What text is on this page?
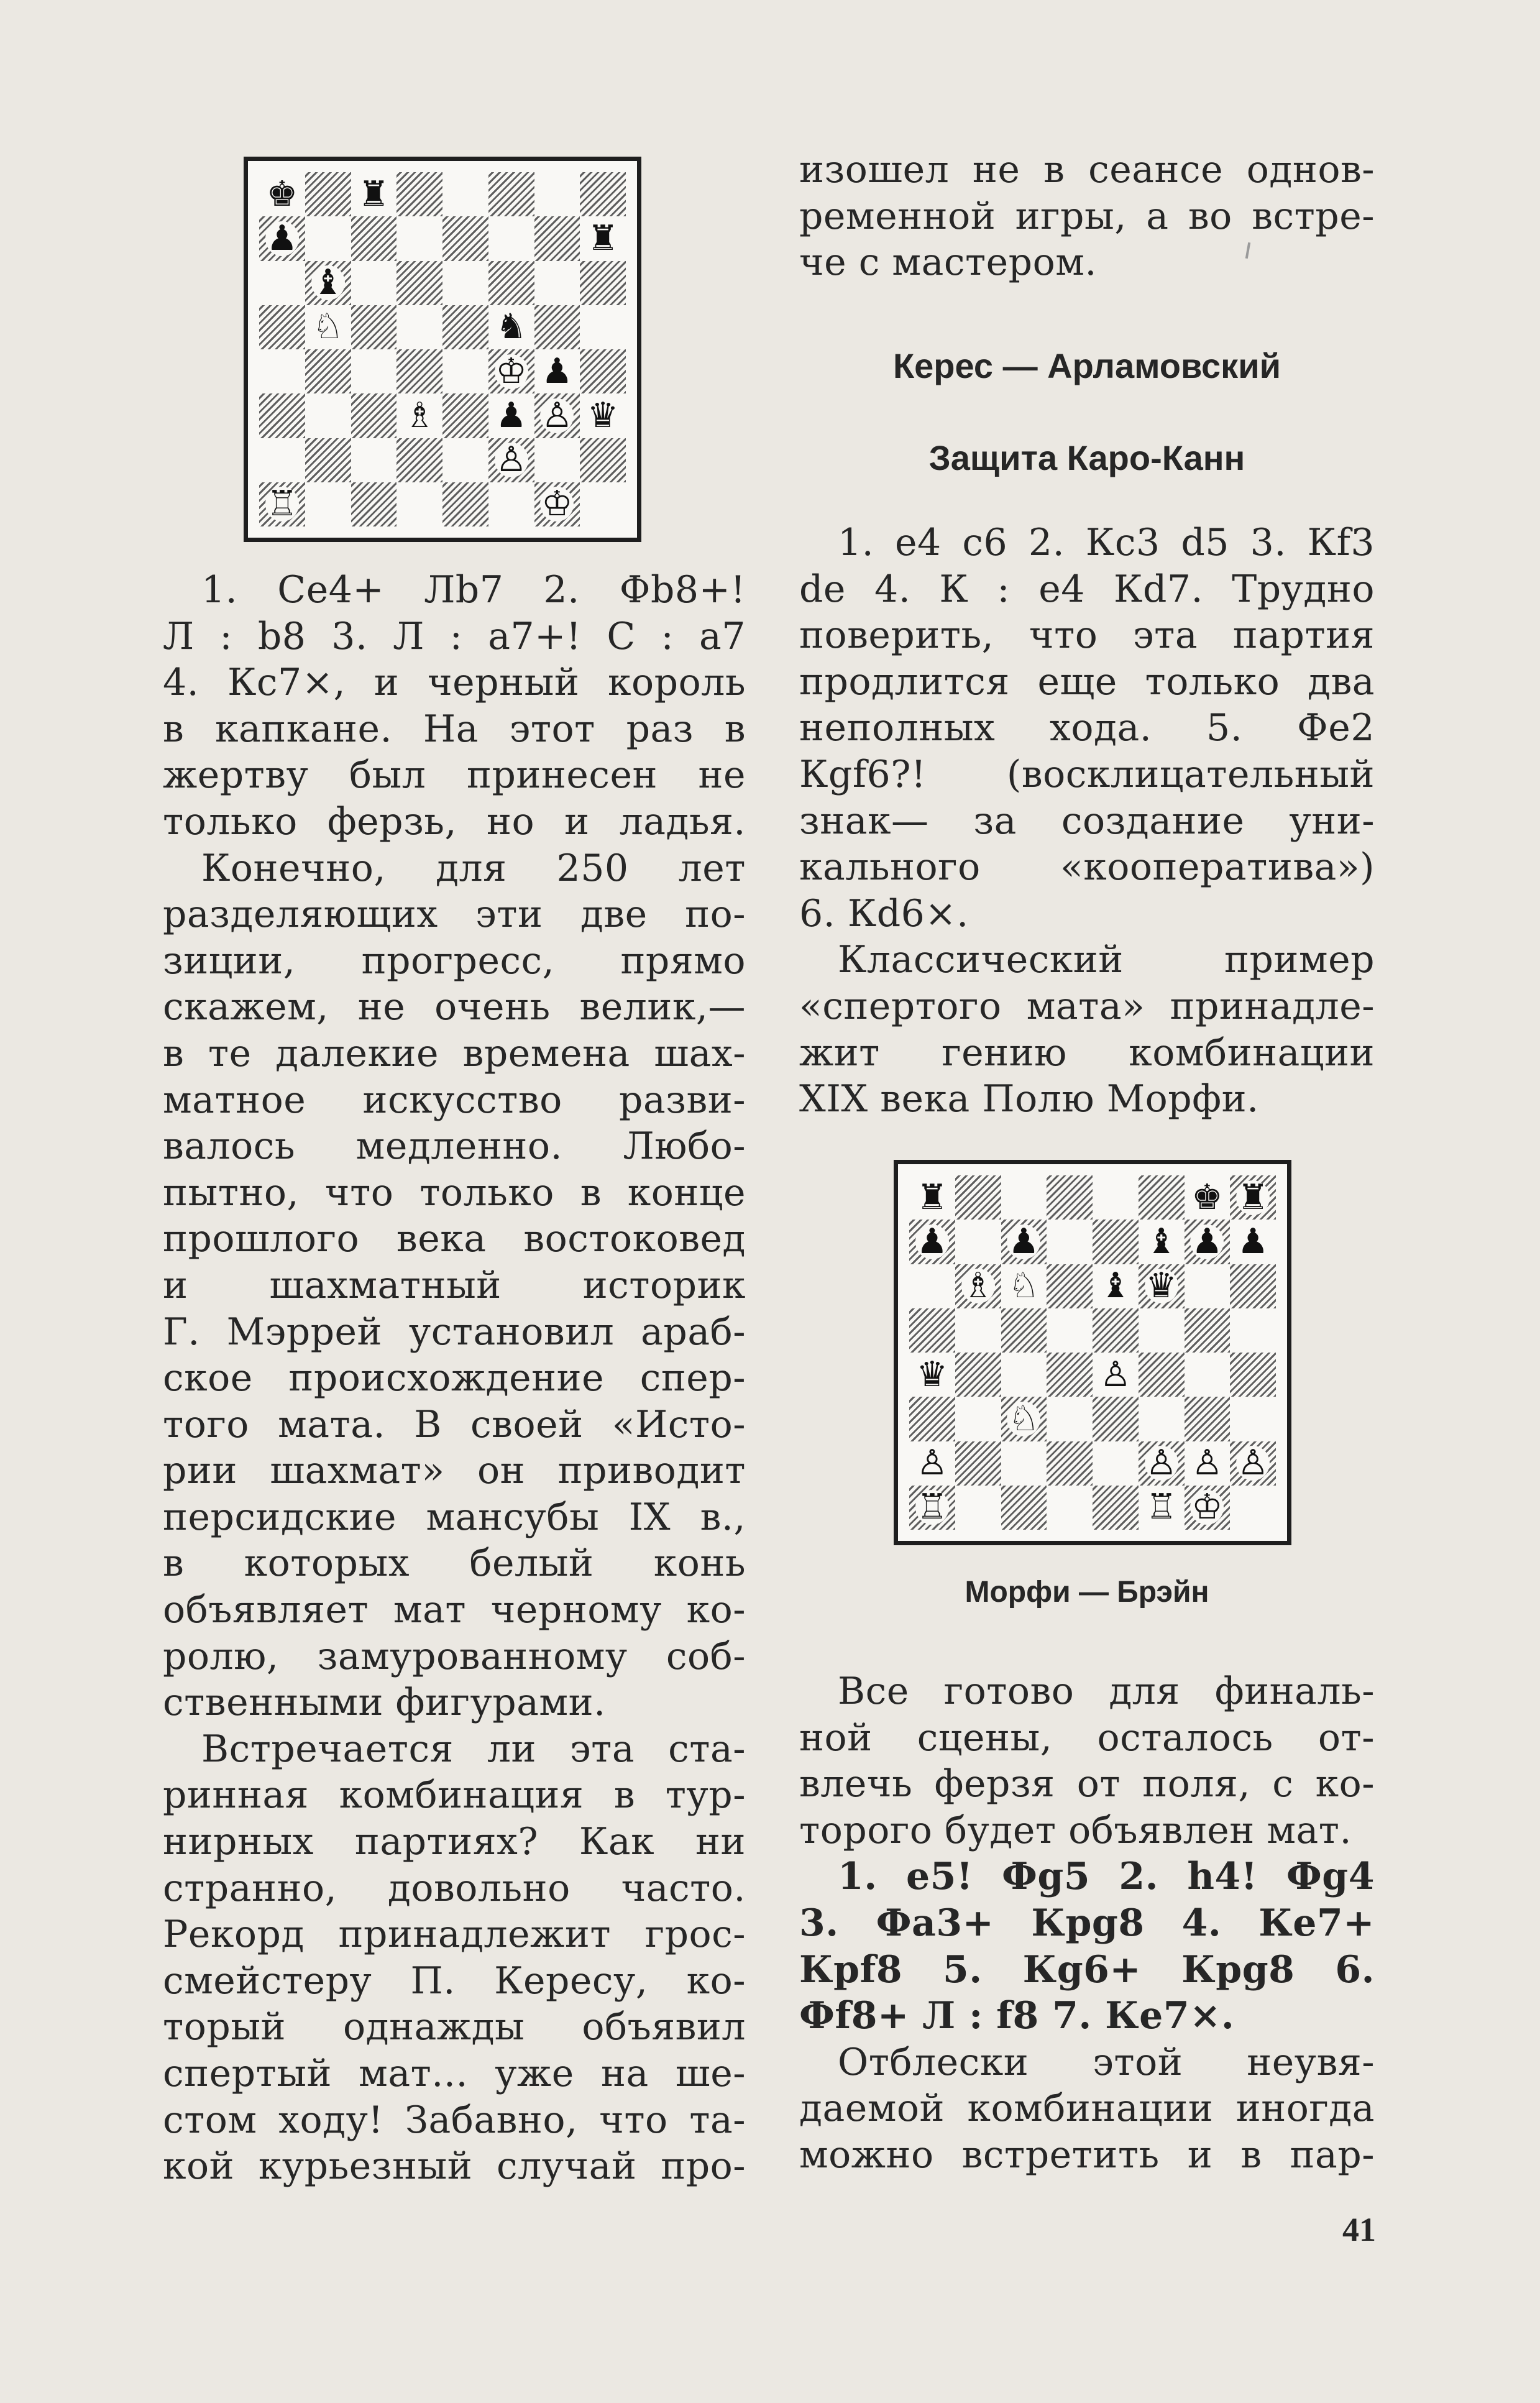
♚ ♜
♟	♜
♝
♘	♞
♔ ♟
♗ ♟ ♙ ♛
♙
♖	♔

1. Се4+ Лb7 2. Фb8+!

Л : b8 3. Л : a7+! С : a7

4. Кс7×, и черный король

в капкане. На этот раз в

жертву был принесен не

только ферзь, но и ладья.

Конечно, для 250 лет

разделяющих эти две по-

зиции, прогресс, прямо

скажем, не очень велик,—

в те далекие времена шах-

матное искусство разви-

валось медленно. Любо-

пытно, что только в конце

прошлого века востоковед

и шахматный историк

Г. Мэррей установил араб-

ское происхождение спер-

того мата. В своей «Исто-

рии шахмат» он приводит

персидские мансубы IX в.,

в которых белый конь

объявляет мат черному ко-

ролю, замурованному соб-

ственными фигурами.

Встречается ли эта ста-

ринная комбинация в тур-

нирных партиях? Как ни

странно, довольно часто.

Рекорд принадлежит грос-

смейстеру П. Кересу, ко-

торый однажды объявил

спертый мат... уже на ше-

стом ходу! Забавно, что та-

кой курьезный случай про-

изошел не в сеансе однов-

ременной игры, а во встре-

че с мастером.

Керес — Арламовский

Защита Каро-Канн

1. е4 с6 2. Кс3 d5 3. Кf3

de 4. К : e4 Кd7. Трудно

поверить, что эта партия

продлится еще только два

неполных хода. 5. Фе2

Кgf6?! (восклицательный

знак— за создание уни-

кального «кооператива»)

6. Кd6×.

Классический пример

«спертого мата» принадле-

жит гению комбинации

XIX века Полю Морфи.

♜	♚ ♜
♟ ♟	♝ ♟ ♟
♗ ♘ ♝ ♛
♛	♙
♘
♙	♙ ♙ ♙
♖	♖ ♔
Морфи — Брэйн

Все готово для финаль-

ной сцены, осталось от-

влечь ферзя от поля, с ко-

торого будет объявлен мат.

1. е5! Фg5 2. h4! Фg4

3. Фа3+ Крg8 4. Ке7+

Крf8 5. Кg6+ Крg8 6.

Фf8+ Л : f8 7. Ке7×.

Отблески этой неувя-

даемой комбинации иногда

можно встретить и в пар-

41
